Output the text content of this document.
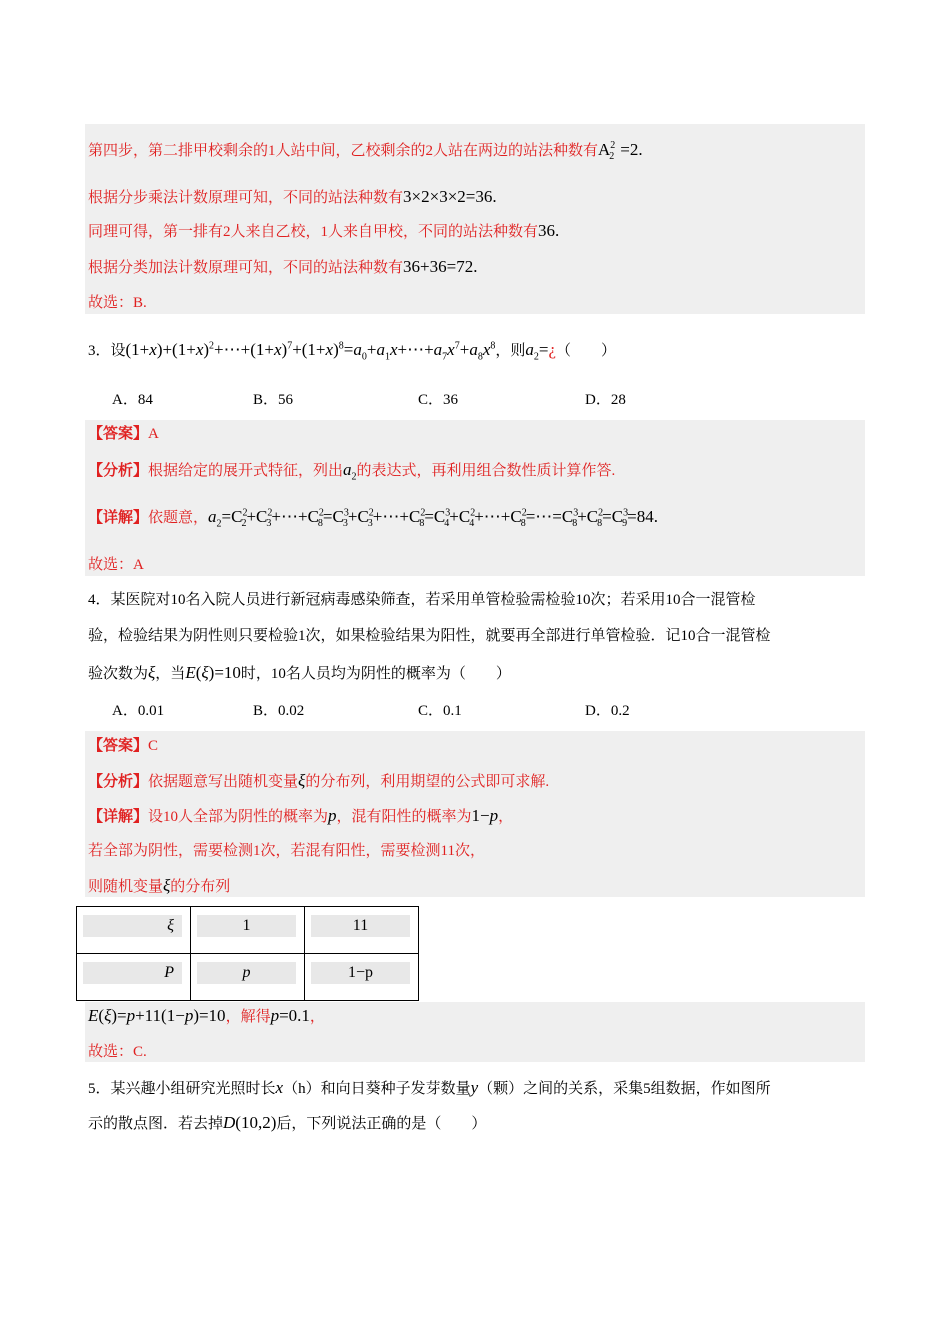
第四步，第二排甲校剩余的1人站中间，乙校剩余的2人站在两边的站法种数有$A^2_2 =2$.
根据分步乘法计数原理可知，不同的站法种数有3×2×3×2=36.
同理可得，第一排有2人来自乙校，1人来自甲校，不同的站法种数有36.
根据分类加法计数原理可知，不同的站法种数有36+36=72.
故选：B.
3．设$(1+x)+(1+x)^2+\cdots+(1+x)^7+(1+x)^8=a_0+a_1x+\cdots+a_7x^7+a_8x^8$，则$a_2=¿$（　　）
A．84	B．56	C．36	D．28
【答案】A
【分析】根据给定的展开式特征，列出$a_2$的表达式，再利用组合数性质计算作答.
【详解】依题意，$a_2=C^2_2+C^2_3+\cdots+C^2_8=C^3_3+C^2_3+\cdots+C^2_8=C^3_4+C^2_4+\cdots+C^2_8=\cdots=C^3_8+C^2_8=C^3_9=84$.
故选：A
4．某医院对10名入院人员进行新冠病毒感染筛查，若采用单管检验需检验10次；若采用10合一混管检
验，检验结果为阴性则只要检验1次，如果检验结果为阳性，就要再全部进行单管检验．记10合一混管检
验次数为ξ，当E(ξ)=10时，10名人员均为阴性的概率为（　　）
A．0.01	B．0.02	C．0.1	D．0.2
【答案】C
【分析】依据题意写出随机变量ξ的分布列，利用期望的公式即可求解.
【详解】设10人全部为阴性的概率为p，混有阳性的概率为1−p，
若全部为阴性，需要检测1次，若混有阳性，需要检测11次，
则随机变量ξ的分布列
ξ	1	11

P	p	1−p
E(ξ)=p+11(1−p)=10，解得p=0.1，
故选：C.
5．某兴趣小组研究光照时长x（h）和向日葵种子发芽数量y（颗）之间的关系，采集5组数据，作如图所
示的散点图．若去掉D(10,2)后，下列说法正确的是（　　）
